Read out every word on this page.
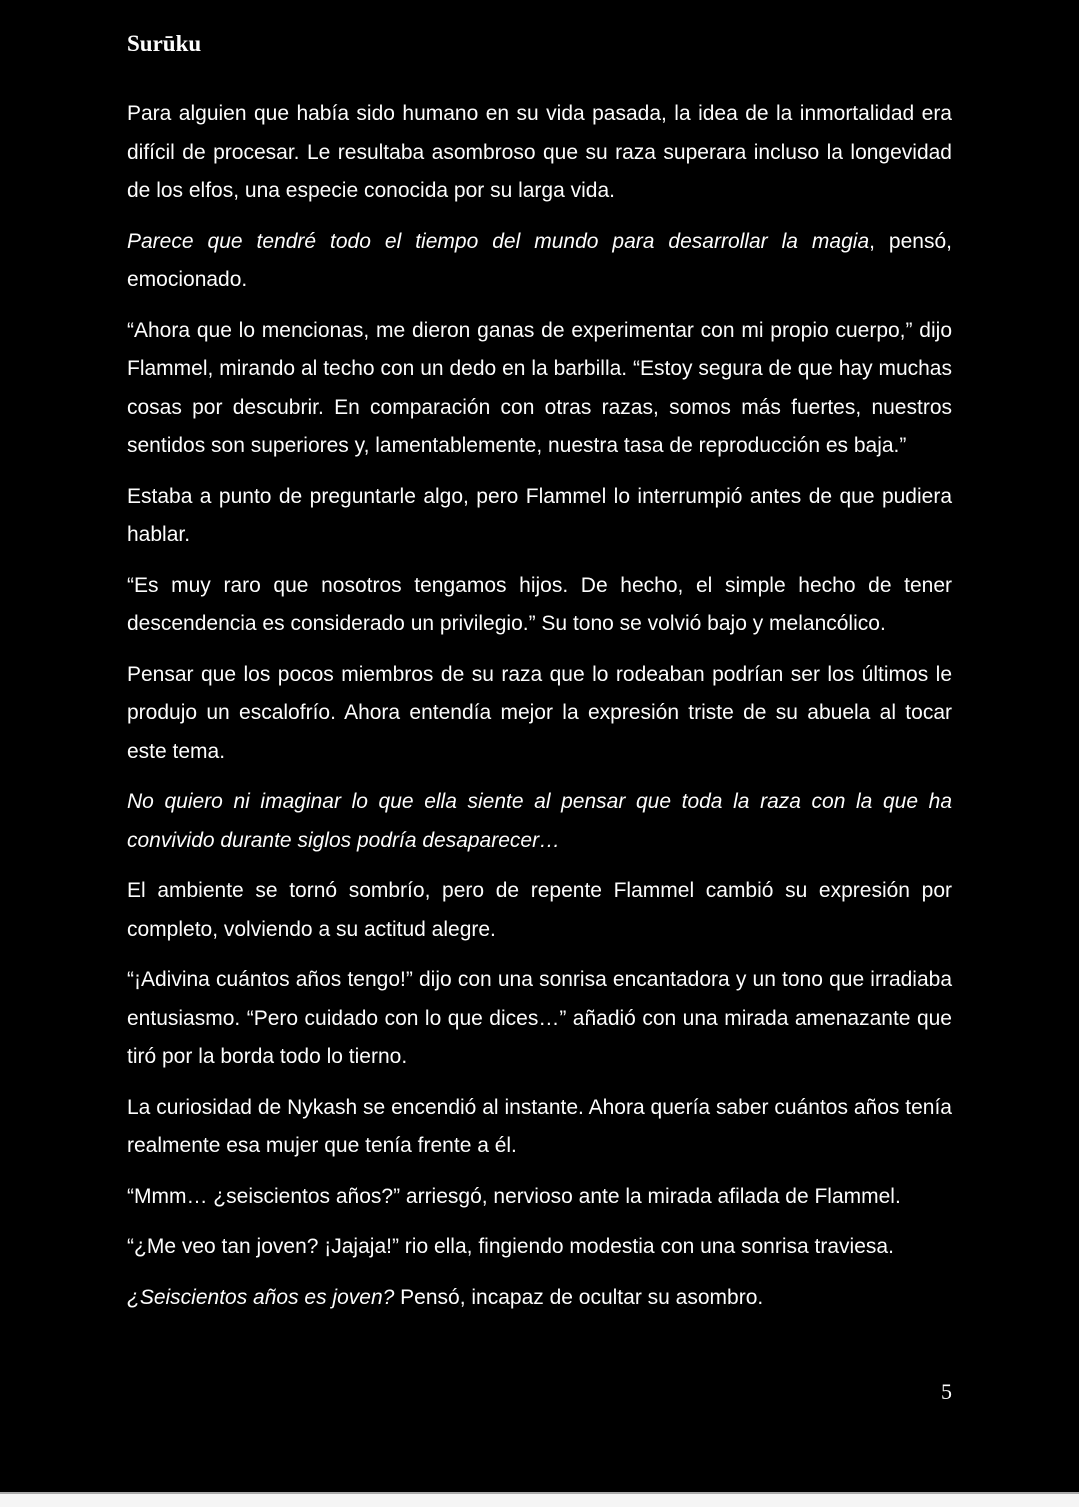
Surūku

Para alguien que había sido humano en su vida pasada, la idea de la inmortalidad era difícil de procesar. Le resultaba asombroso que su raza superara incluso la longevidad de los elfos, una especie conocida por su larga vida.

Parece que tendré todo el tiempo del mundo para desarrollar la magia, pensó, emocionado.

“Ahora que lo mencionas, me dieron ganas de experimentar con mi propio cuerpo,” dijo Flammel, mirando al techo con un dedo en la barbilla. “Estoy segura de que hay muchas cosas por descubrir. En comparación con otras razas, somos más fuertes, nuestros sentidos son superiores y, lamentablemente, nuestra tasa de reproducción es baja.”

Estaba a punto de preguntarle algo, pero Flammel lo interrumpió antes de que pudiera hablar.

“Es muy raro que nosotros tengamos hijos. De hecho, el simple hecho de tener descendencia es considerado un privilegio.” Su tono se volvió bajo y melancólico.

Pensar que los pocos miembros de su raza que lo rodeaban podrían ser los últimos le produjo un escalofrío. Ahora entendía mejor la expresión triste de su abuela al tocar este tema.

No quiero ni imaginar lo que ella siente al pensar que toda la raza con la que ha convivido durante siglos podría desaparecer…

El ambiente se tornó sombrío, pero de repente Flammel cambió su expresión por completo, volviendo a su actitud alegre.

“¡Adivina cuántos años tengo!” dijo con una sonrisa encantadora y un tono que irradiaba entusiasmo. “Pero cuidado con lo que dices…” añadió con una mirada amenazante que tiró por la borda todo lo tierno.

La curiosidad de Nykash se encendió al instante. Ahora quería saber cuántos años tenía realmente esa mujer que tenía frente a él.

“Mmm… ¿seiscientos años?” arriesgó, nervioso ante la mirada afilada de Flammel.

“¿Me veo tan joven? ¡Jajaja!” rio ella, fingiendo modestia con una sonrisa traviesa.

¿Seiscientos años es joven? Pensó, incapaz de ocultar su asombro.

5
